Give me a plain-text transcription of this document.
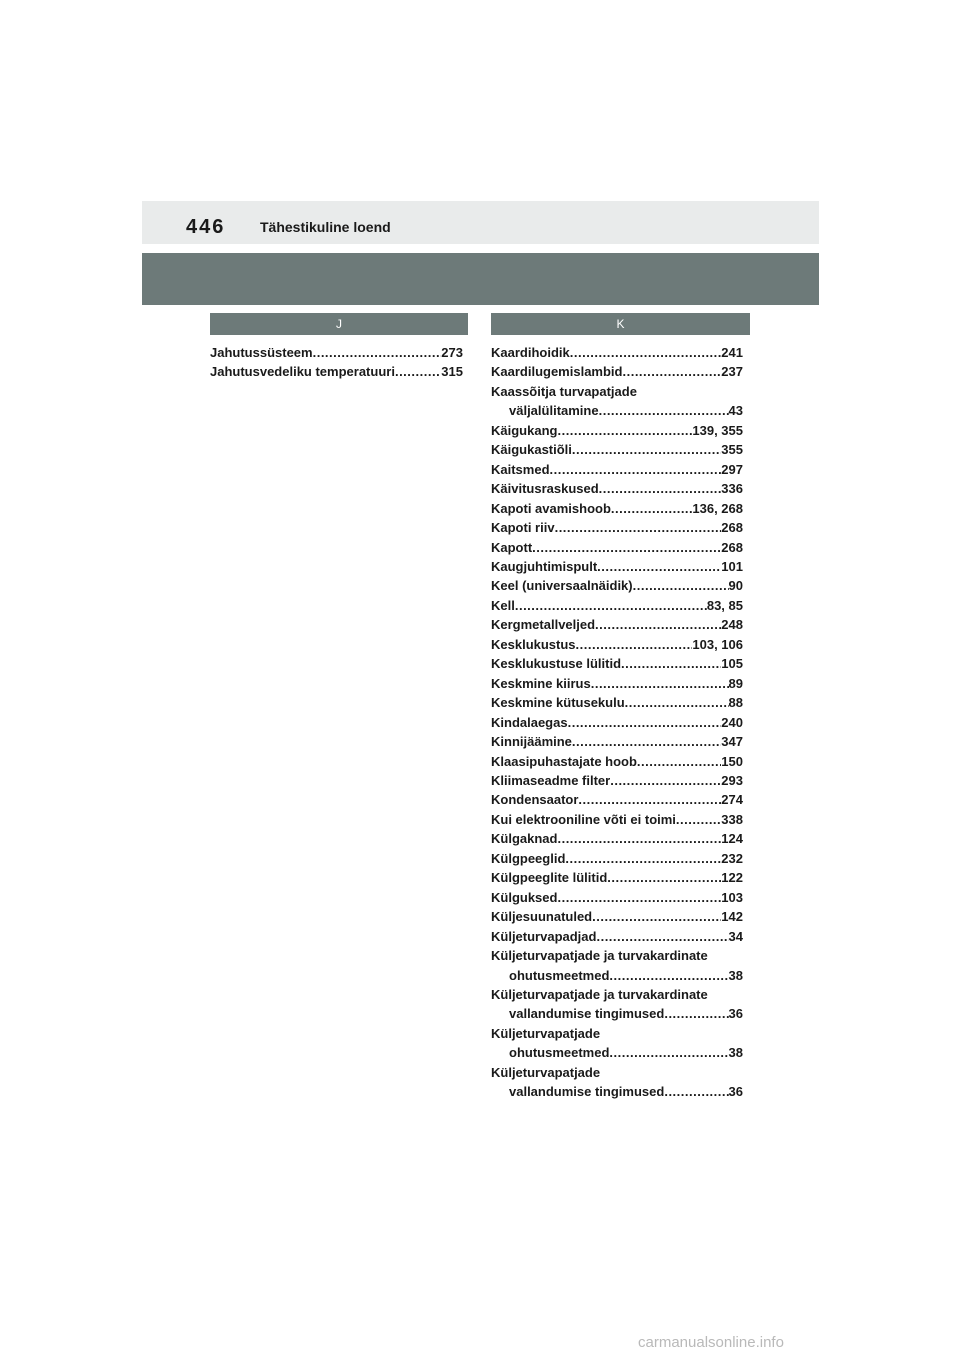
446 Tähestikuline loend
J	K
Jahutussüsteem .....	273
Jahutusvedeliku temperatuuri .....	315
Kaardihoidik .....	241
Kaardilugemislambid .....	237
Kaassõitja turvapatjade
väljalülitamine .....	43
Käigukang .....	139, 355
Käigukastiõli .....	355
Kaitsmed .....	297
Käivitusraskused .....	336
Kapoti avamishoob .....	136, 268
Kapoti riiv .....	268
Kapott .....	268
Kaugjuhtimispult .....	101
Keel (universaalnäidik) .....	90
Kell .....	83, 85
Kergmetallveljed .....	248
Kesklukustus .....	103, 106
Kesklukustuse lülitid .....	105
Keskmine kiirus .....	89
Keskmine kütusekulu .....	88
Kindalaegas .....	240
Kinnijäämine .....	347
Klaasipuhastajate hoob .....	150
Kliimaseadme filter .....	293
Kondensaator .....	274
Kui elektrooniline võti ei toimi .....	338
Külgaknad .....	124
Külgpeeglid .....	232
Külgpeeglite lülitid .....	122
Külguksed .....	103
Küljesuunatuled .....	142
Küljeturvapadjad .....	34
Küljeturvapatjade ja turvakardinate
ohutusmeetmed .....	38
Küljeturvapatjade ja turvakardinate
vallandumise tingimused .....	36
Küljeturvapatjade
ohutusmeetmed .....	38
Küljeturvapatjade
vallandumise tingimused .....	36
carmanualsonline.info
